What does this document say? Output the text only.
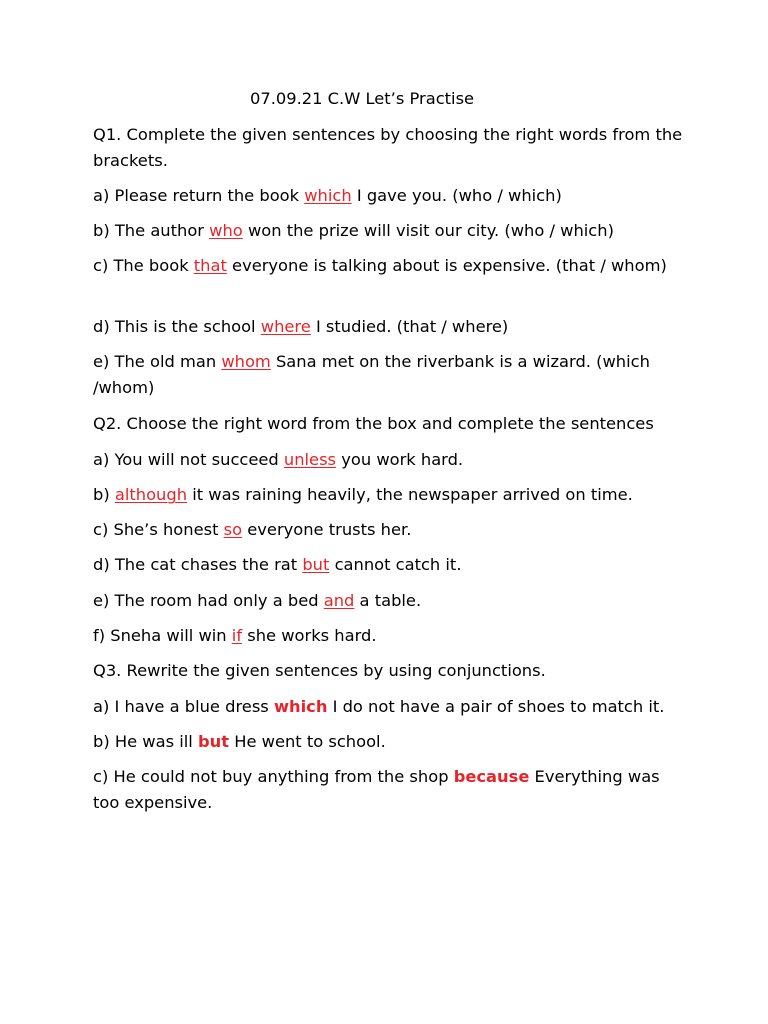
07.09.21 C.W Let’s Practise

Q1. Complete the given sentences by choosing the right words from the brackets.

a) Please return the book which I gave you. (who / which)

b) The author who won the prize will visit our city. (who / which)

c) The book that everyone is talking about is expensive. (that / whom)

d) This is the school where I studied. (that / where)

e) The old man whom Sana met on the riverbank is a wizard. (which /whom)

Q2. Choose the right word from the box and complete the sentences

a) You will not succeed unless you work hard.

b) although it was raining heavily, the newspaper arrived on time.

c) She’s honest so everyone trusts her.

d) The cat chases the rat but cannot catch it.

e) The room had only a bed and a table.

f) Sneha will win if she works hard.

Q3. Rewrite the given sentences by using conjunctions.

a) I have a blue dress which I do not have a pair of shoes to match it.

b) He was ill but He went to school.

c) He could not buy anything from the shop because Everything was too expensive.
